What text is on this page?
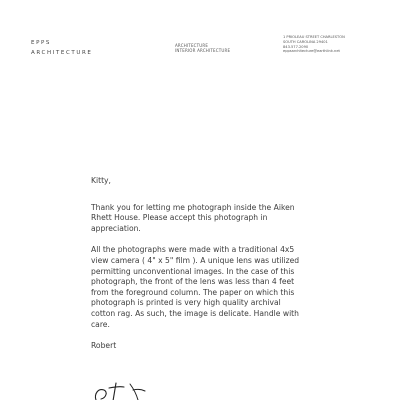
EPPS
ARCHITECTURE
ARCHITECTURE
INTERIOR ARCHITECTURE
1 PRIOLEAU STREET CHARLESTON
SOUTH CAROLINA 29401
843.577.2090
eppsarchitecture@earthlink.net

Kitty,

Thank you for letting me photograph inside the Aiken Rhett House. Please accept this photograph in appreciation.

All the photographs were made with a traditional 4x5 view camera ( 4" x 5" film ). A unique lens was utilized permitting unconventional images. In the case of this photograph, the front of the lens was less than 4 feet from the foreground column. The paper on which this photograph is printed is very high quality archival cotton rag. As such, the image is delicate. Handle with care.

Robert
